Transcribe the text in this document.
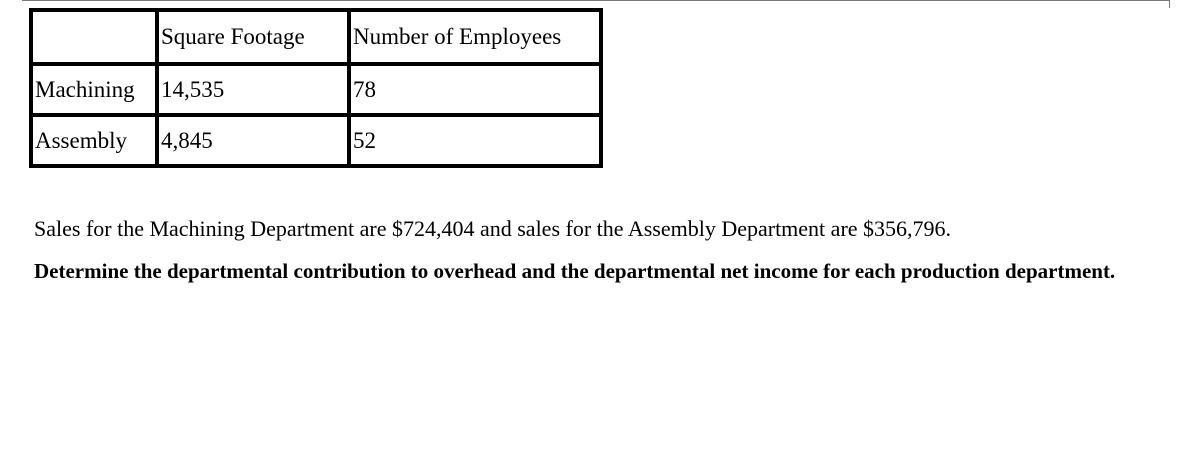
	Square Footage	Number of Employees
Machining	14,535	78
Assembly	4,845	52
Sales for the Machining Department are $724,404 and sales for the Assembly Department are $356,796.
Determine the departmental contribution to overhead and the departmental net income for each production department.
